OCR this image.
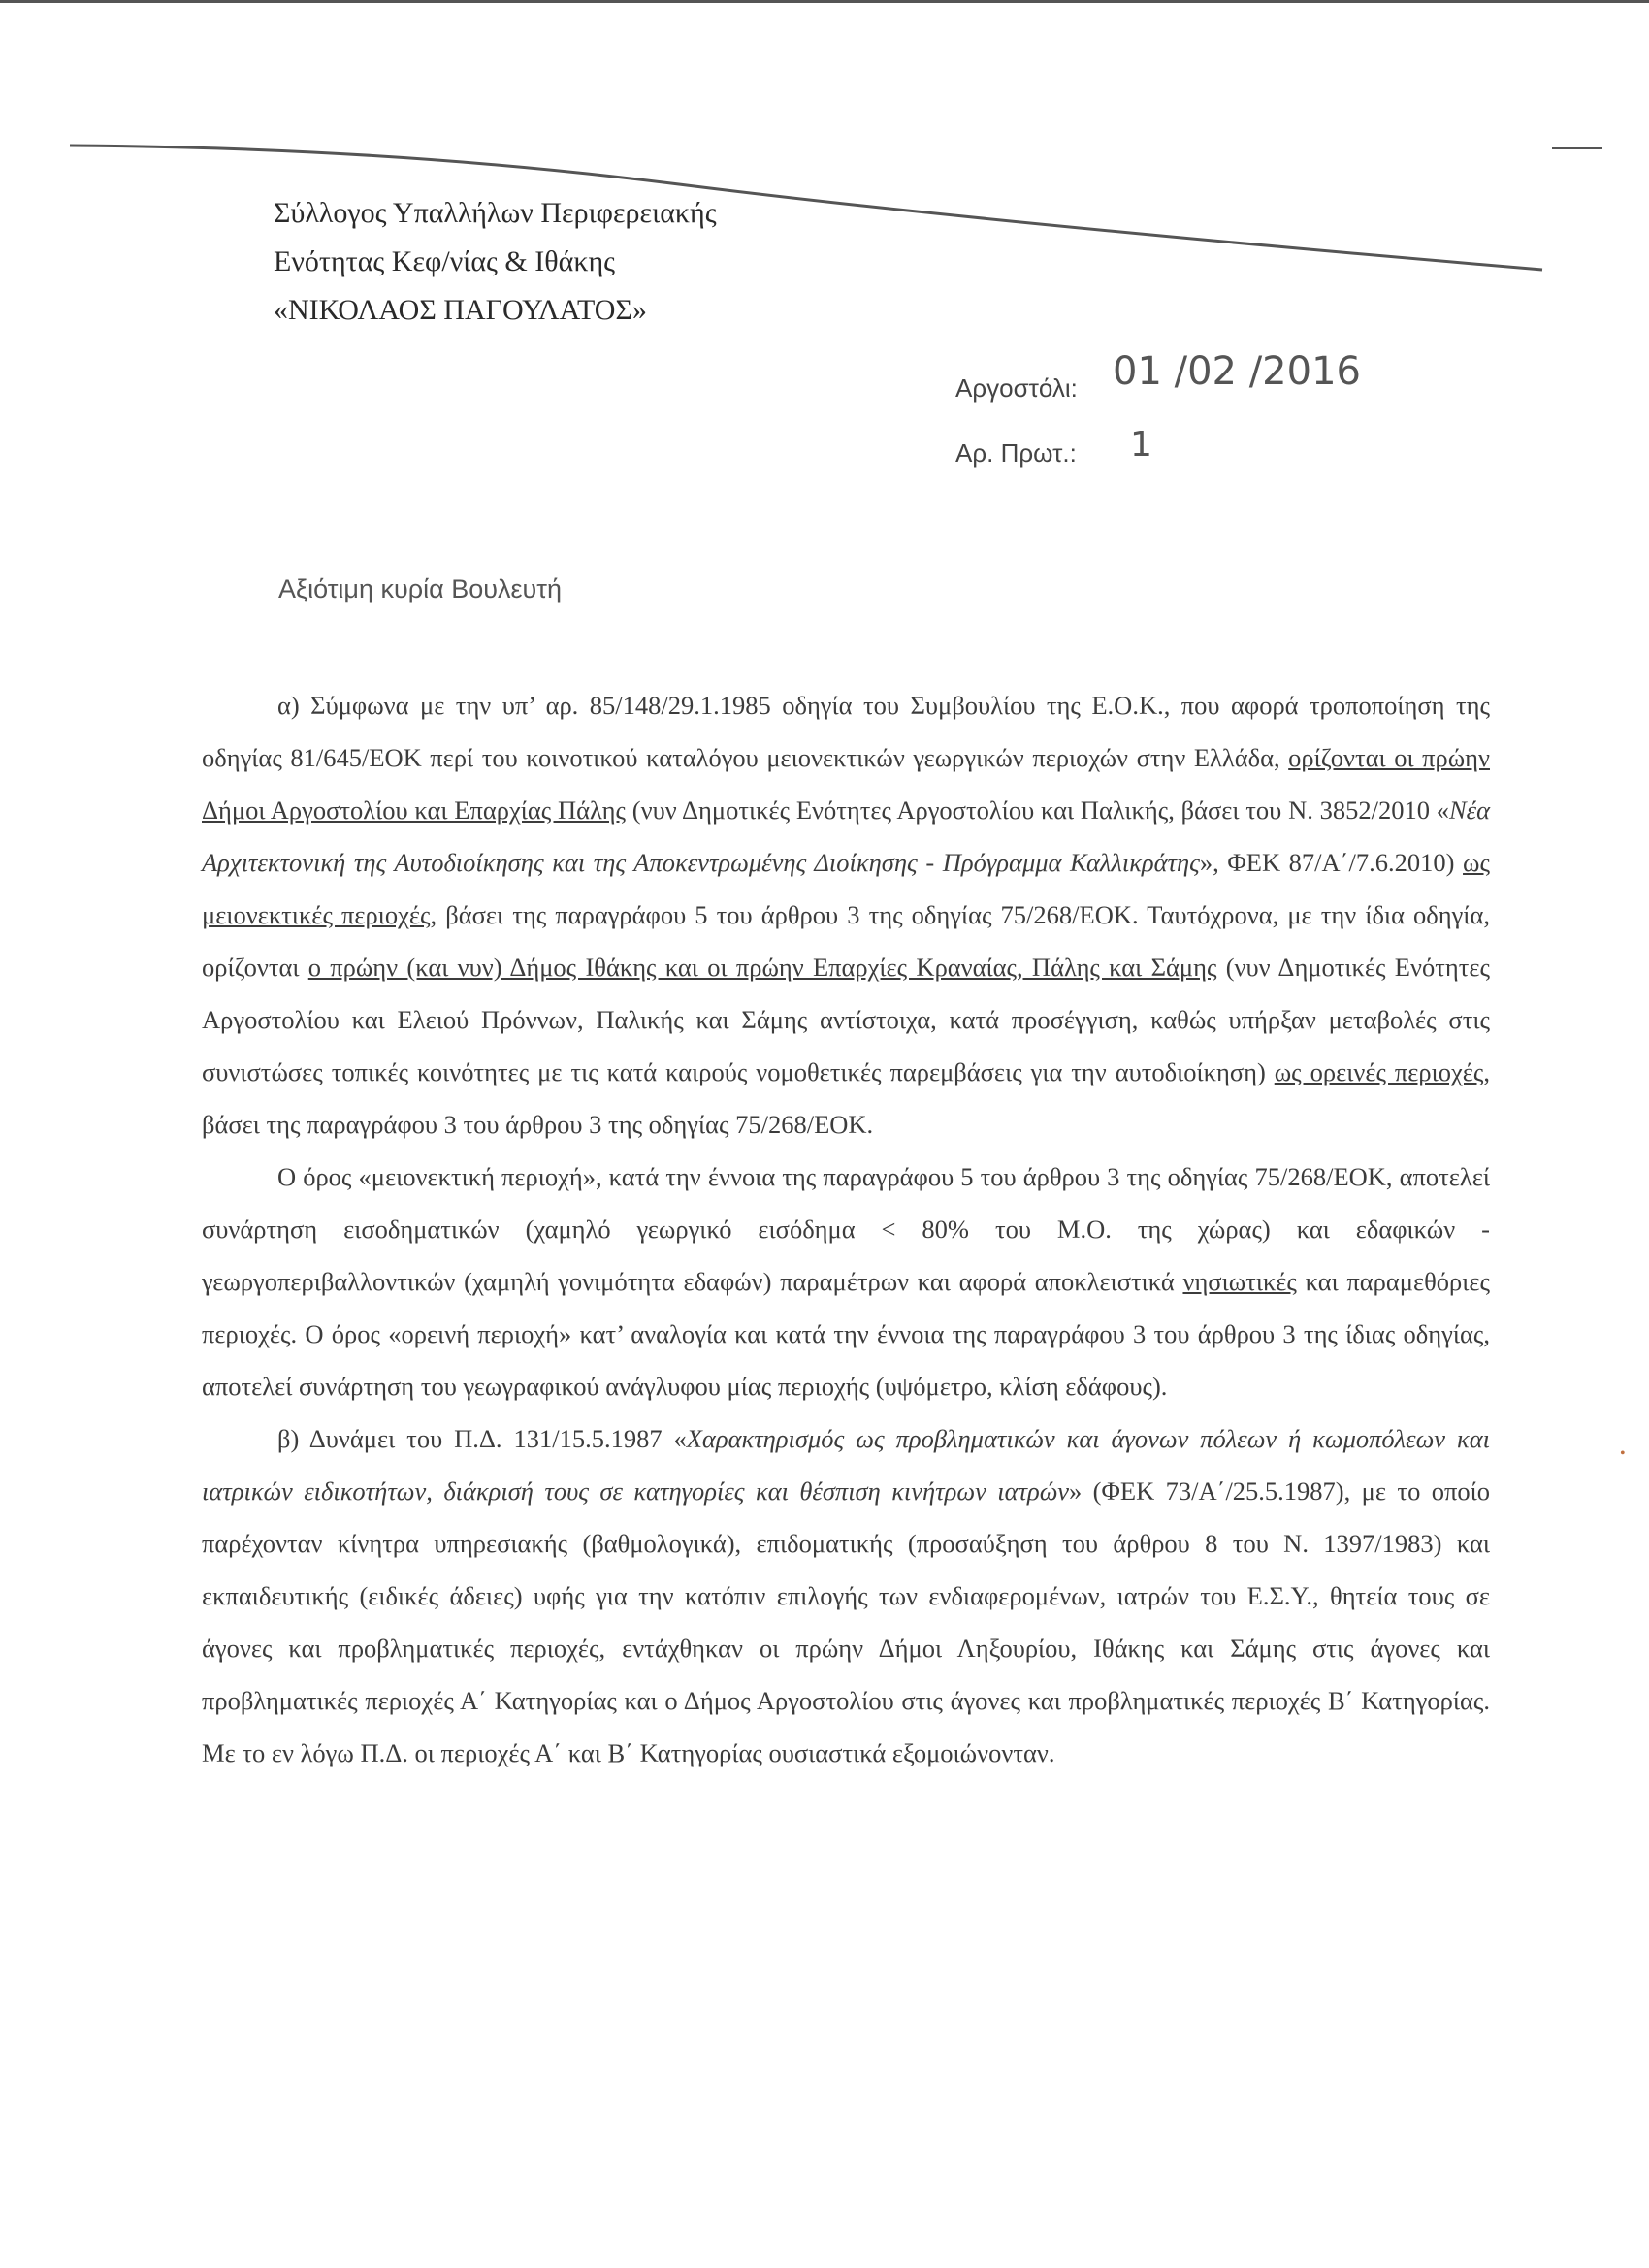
Σύλλογος Υπαλλήλων Περιφερειακής
Ενότητας Κεφ/νίας & Ιθάκης
«ΝΙΚΟΛΑΟΣ ΠΑΓΟΥΛΑΤΟΣ»
Αργοστόλι: 01 /02 /2016
Αρ. Πρωτ.: 1
Αξιότιμη κυρία Βουλευτή

α) Σύμφωνα με την υπ’ αρ. 85/148/29.1.1985 οδηγία του Συμβουλίου της Ε.Ο.Κ., που αφορά τροποποίηση της οδηγίας 81/645/ΕΟΚ περί του κοινοτικού καταλόγου μειονεκτικών γεωργικών περιοχών στην Ελλάδα, ορίζονται οι πρώην Δήμοι Αργοστολίου και Επαρχίας Πάλης (νυν Δημοτικές Ενότητες Αργοστολίου και Παλικής, βάσει του Ν. 3852/2010 «Νέα Αρχιτεκτονική της Αυτοδιοίκησης και της Αποκεντρωμένης Διοίκησης - Πρόγραμμα Καλλικράτης», ΦΕΚ 87/Α΄/7.6.2010) ως μειονεκτικές περιοχές, βάσει της παραγράφου 5 του άρθρου 3 της οδηγίας 75/268/ΕΟΚ. Ταυτόχρονα, με την ίδια οδηγία, ορίζονται ο πρώην (και νυν) Δήμος Ιθάκης και οι πρώην Επαρχίες Κραναίας, Πάλης και Σάμης (νυν Δημοτικές Ενότητες Αργοστολίου και Ελειού Πρόννων, Παλικής και Σάμης αντίστοιχα, κατά προσέγγιση, καθώς υπήρξαν μεταβολές στις συνιστώσες τοπικές κοινότητες με τις κατά καιρούς νομοθετικές παρεμβάσεις για την αυτοδιοίκηση) ως ορεινές περιοχές, βάσει της παραγράφου 3 του άρθρου 3 της οδηγίας 75/268/ΕΟΚ.

Ο όρος «μειονεκτική περιοχή», κατά την έννοια της παραγράφου 5 του άρθρου 3 της οδηγίας 75/268/ΕΟΚ, αποτελεί συνάρτηση εισοδηματικών (χαμηλό γεωργικό εισόδημα < 80% του Μ.Ο. της χώρας) και εδαφικών - γεωργοπεριβαλλοντικών (χαμηλή γονιμότητα εδαφών) παραμέτρων και αφορά αποκλειστικά νησιωτικές και παραμεθόριες περιοχές. Ο όρος «ορεινή περιοχή» κατ’ αναλογία και κατά την έννοια της παραγράφου 3 του άρθρου 3 της ίδιας οδηγίας, αποτελεί συνάρτηση του γεωγραφικού ανάγλυφου μίας περιοχής (υψόμετρο, κλίση εδάφους).

β) Δυνάμει του Π.Δ. 131/15.5.1987 «Χαρακτηρισμός ως προβληματικών και άγονων πόλεων ή κωμοπόλεων και ιατρικών ειδικοτήτων, διάκρισή τους σε κατηγορίες και θέσπιση κινήτρων ιατρών» (ΦΕΚ 73/Α΄/25.5.1987), με το οποίο παρέχονταν κίνητρα υπηρεσιακής (βαθμολογικά), επιδοματικής (προσαύξηση του άρθρου 8 του Ν. 1397/1983) και εκπαιδευτικής (ειδικές άδειες) υφής για την κατόπιν επιλογής των ενδιαφερομένων, ιατρών του Ε.Σ.Υ., θητεία τους σε άγονες και προβληματικές περιοχές, εντάχθηκαν οι πρώην Δήμοι Ληξουρίου, Ιθάκης και Σάμης στις άγονες και προβληματικές περιοχές Α΄ Κατηγορίας και ο Δήμος Αργοστολίου στις άγονες και προβληματικές περιοχές Β΄ Κατηγορίας. Με το εν λόγω Π.Δ. οι περιοχές Α΄ και Β΄ Κατηγορίας ουσιαστικά εξομοιώνονταν.

•
